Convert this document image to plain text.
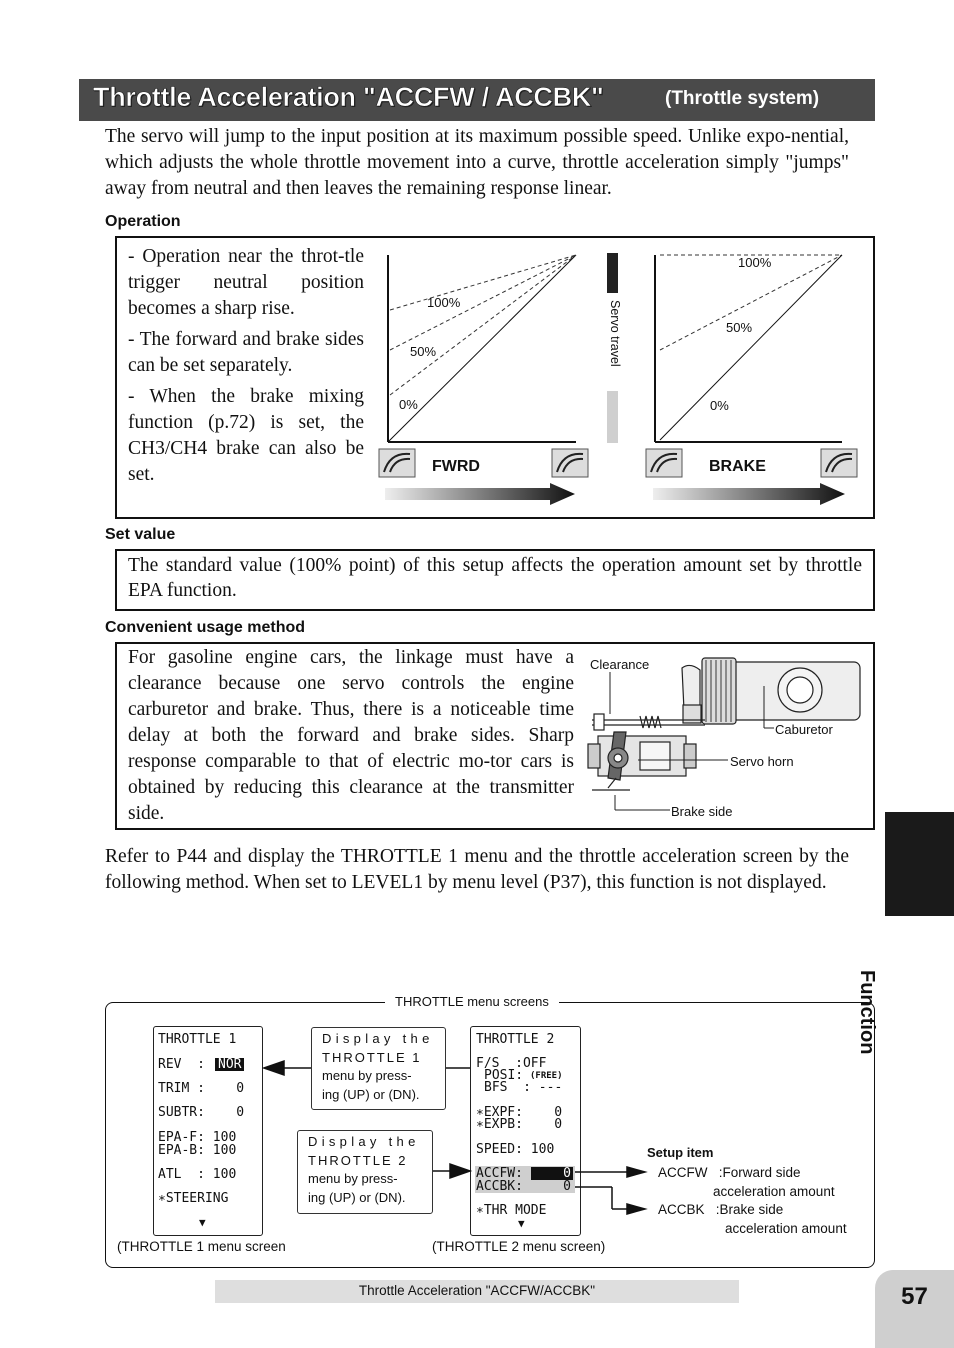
Throttle Acceleration "ACCFW / ACCBK"	(Throttle system)
The servo will jump to the input position at its maximum possible speed. Unlike expo-nential, which adjusts the whole throttle movement into a curve, throttle acceleration simply "jumps" away from neutral and then leaves the remaining response linear.
Operation
- Operation near the throt-tle trigger neutral position becomes a sharp rise.
- The forward and brake sides can be set separately.
- When the brake mixing function (p.72) is set, the CH3/CH4 brake can also be set.
100%
50%
0%
100%
50%
0%
Servo travel
FWRD	BRAKE
Set value
The standard value (100% point) of this setup affects the operation amount set by throttle EPA function.
Convenient usage method
For gasoline engine cars, the linkage must have a clearance because one servo controls the engine carburetor and brake. Thus, there is a noticeable time delay at both the forward and brake sides. Sharp response comparable to that of electric mo-tor cars is obtained by reducing this clearance at the transmitter side.
Clearance
Caburetor
Servo horn
Brake side
Refer to P44 and display the THROTTLE 1 menu and the throttle acceleration screen by the following method. When set to LEVEL1 by menu level (P37), this function is not displayed.
Function
THROTTLE menu screens
THROTTLE 1
REV  : NOR
TRIM :    0
SUBTR:    0
EPA-F: 100
EPA-B: 100
ATL  : 100
∗STEERING
▼
Display the
THROTTLE 1
menu by press-
ing (UP) or (DN).
Display the
THROTTLE 2
menu by press-
ing (UP) or (DN).
THROTTLE 2
F/S  :OFF
POSI: (FREE)
BFS  : ---
∗EXPF:    0
∗EXPB:    0
SPEED: 100
ACCFW:	0
ACCBK:	0
∗THR MODE
▼
Setup item
ACCFW   :Forward side
acceleration amount
ACCBK   :Brake side
acceleration amount
(THROTTLE 1 menu screen	(THROTTLE 2 menu screen)
Throttle Acceleration "ACCFW/ACCBK"	57
